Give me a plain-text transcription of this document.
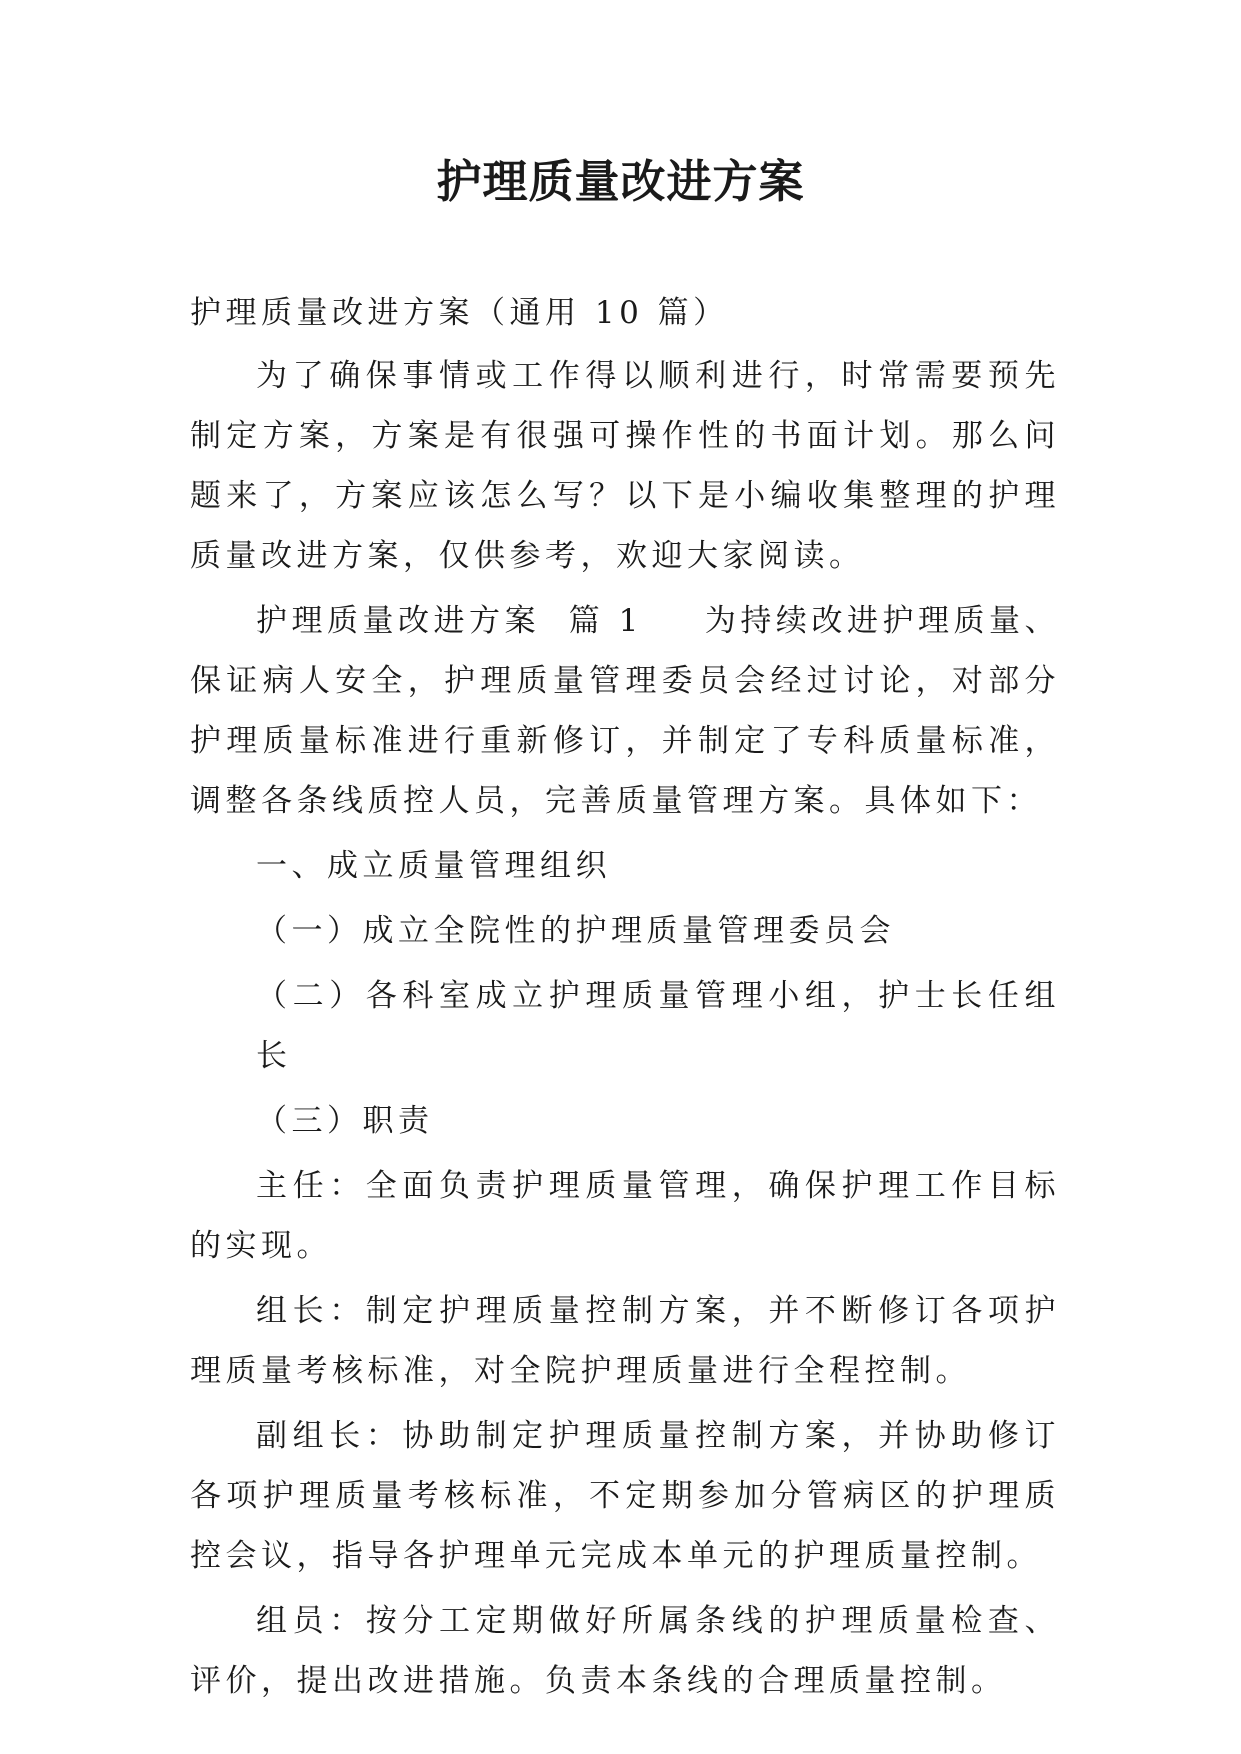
护理质量改进方案

护理质量改进方案（通用 10 篇）

为了确保事情或工作得以顺利进行，时常需要预先制定方案，方案是有很强可操作性的书面计划。那么问题来了，方案应该怎么写？以下是小编收集整理的护理质量改进方案，仅供参考，欢迎大家阅读。

护理质量改进方案  篇 1 为持续改进护理质量、保证病人安全，护理质量管理委员会经过讨论，对部分护理质量标准进行重新修订，并制定了专科质量标准，调整各条线质控人员，完善质量管理方案。具体如下：

一、成立质量管理组织

（一）成立全院性的护理质量管理委员会

（二）各科室成立护理质量管理小组，护士长任组长

（三）职责

主任：全面负责护理质量管理，确保护理工作目标的实现。

组长：制定护理质量控制方案，并不断修订各项护理质量考核标准，对全院护理质量进行全程控制。

副组长：协助制定护理质量控制方案，并协助修订各项护理质量考核标准，不定期参加分管病区的护理质控会议，指导各护理单元完成本单元的护理质量控制。

组员：按分工定期做好所属条线的护理质量检查、评价，提出改进措施。负责本条线的合理质量控制。
